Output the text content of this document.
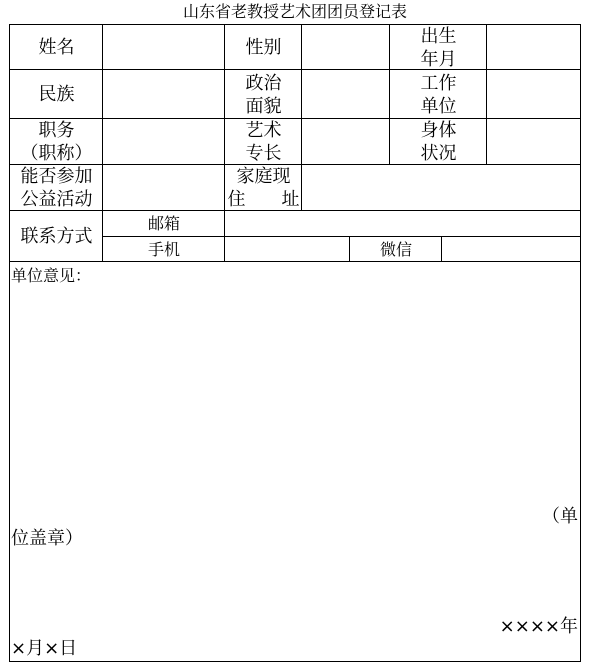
山东省老教授艺术团团员登记表
姓名	性别
出生
年月
民族
政治
面貌
工作
单位
职务
（职称）
艺术
专长
身体
状况
能否参加
公益活动
家庭现
住　　址
联系方式
邮箱
手机	微信
单位意见：
（单
位盖章）
××××年
×月×日
